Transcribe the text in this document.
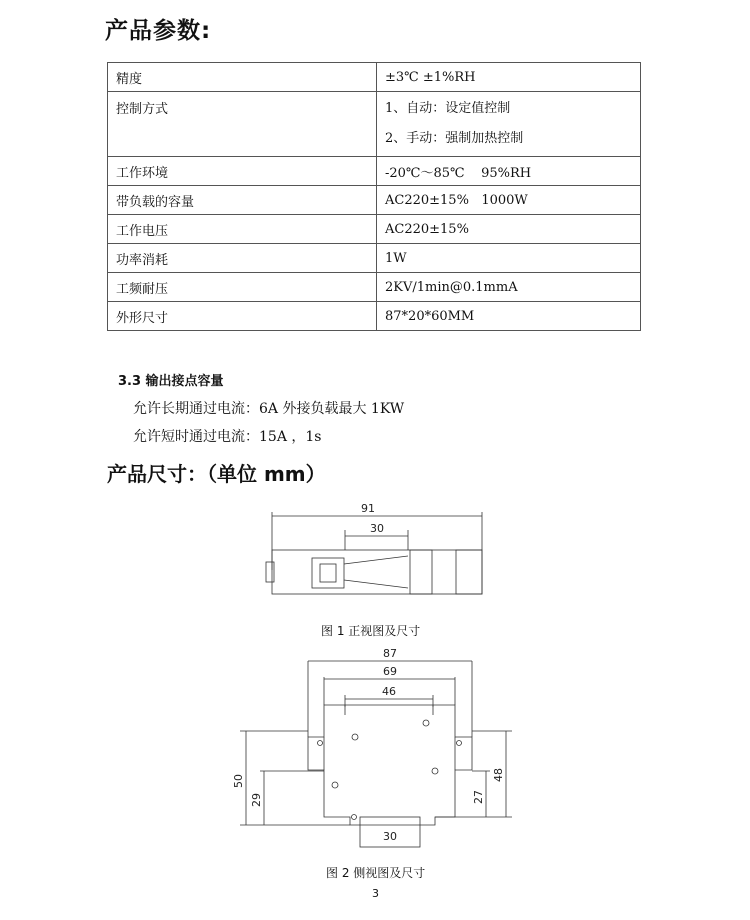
产品参数:
精度	±3℃ ±1%RH
控制方式	1、自动：设定值控制
2、手动：强制加热控制

工作环境	-20℃～85℃    95%RH
带负载的容量	AC220±15%   1000W
工作电压	AC220±15%
功率消耗	1W
工频耐压	2KV/1min@0.1mmA
外形尺寸	87*20*60MM
3.3 输出接点容量
允许长期通过电流：6A 外接负载最大 1KW
允许短时通过电流：15A ，1s
产品尺寸：（单位 mm）
91
30
图 1 正视图及尺寸
87
69
46
50
29
48
27
30
图 2 侧视图及尺寸
3
